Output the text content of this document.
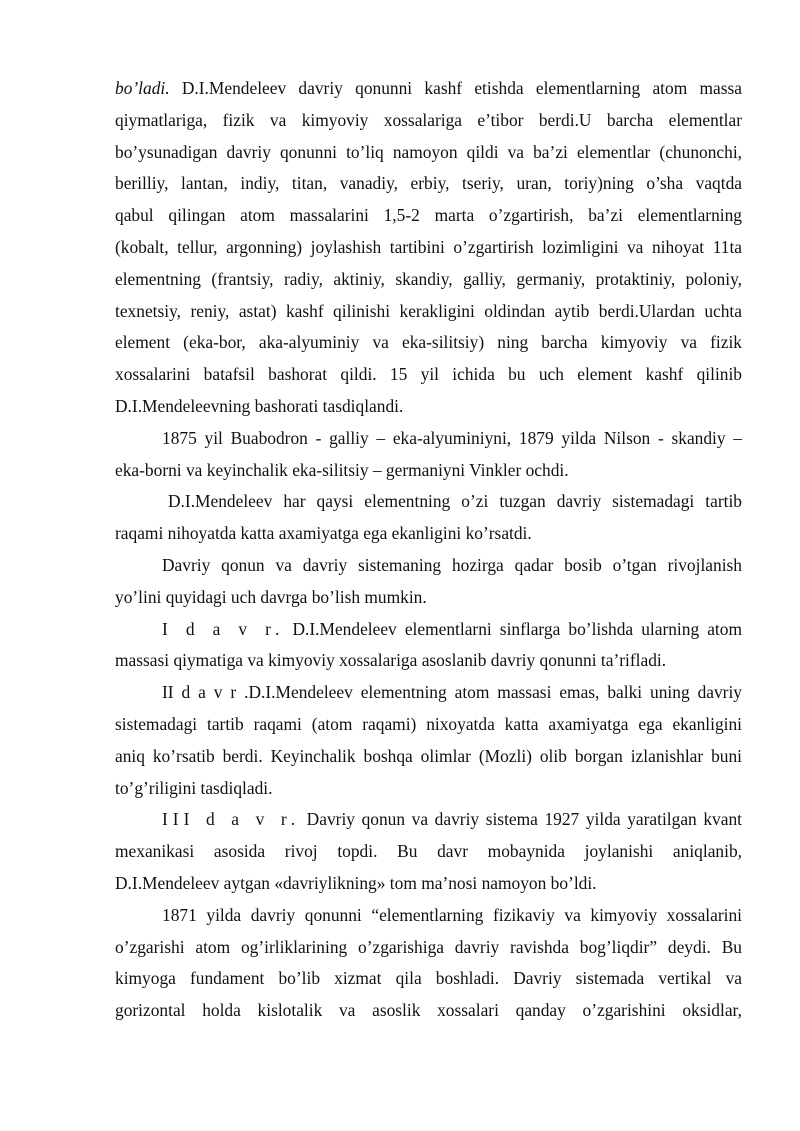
bo’ladi. D.I.Mendeleev davriy qonunni kashf etishda elementlarning atom massa
qiymatlariga, fizik va kimyoviy xossalariga e’tibor berdi.U barcha elementlar
bo’ysunadigan davriy qonunni to’liq namoyon qildi va ba’zi elementlar (chunonchi,
berilliy, lantan, indiy, titan, vanadiy, erbiy, tseriy, uran, toriy)ning o’sha vaqtda
qabul qilingan atom massalarini 1,5-2 marta o’zgartirish, ba’zi elementlarning
(kobalt, tellur, argonning) joylashish tartibini o’zgartirish lozimligini va nihoyat 11ta
elementning (frantsiy, radiy, aktiniy, skandiy, galliy, germaniy, protaktiniy, poloniy,
texnetsiy, reniy, astat) kashf qilinishi kerakligini oldindan aytib berdi.Ulardan uchta
element (eka-bor, aka-alyuminiy va eka-silitsiy) ning barcha kimyoviy va fizik
xossalarini batafsil bashorat qildi. 15 yil ichida bu uch element kashf qilinib
D.I.Mendeleevning bashorati tasdiqlandi.
1875 yil Buabodron - galliy – eka-alyuminiyni, 1879 yilda Nilson - skandiy –
eka-borni va keyinchalik eka-silitsiy – germaniyni Vinkler ochdi.
D.I.Mendeleev har qaysi elementning o’zi tuzgan davriy sistemadagi tartib
raqami nihoyatda katta axamiyatga ega ekanligini ko’rsatdi.
Davriy qonun va davriy sistemaning hozirga qadar bosib o’tgan rivojlanish
yo’lini quyidagi uch davrga bo’lish mumkin.
I d a v r. D.I.Mendeleev elementlarni sinflarga bo’lishda ularning atom
massasi qiymatiga va kimyoviy xossalariga asoslanib davriy qonunni ta’rifladi.
II d a v r .D.I.Mendeleev elementning atom massasi emas, balki uning davriy
sistemadagi tartib raqami (atom raqami) nixoyatda katta axamiyatga ega ekanligini
aniq ko’rsatib berdi. Keyinchalik boshqa olimlar (Mozli) olib borgan izlanishlar buni
to’g’riligini tasdiqladi.
III d a v r. Davriy qonun va davriy sistema 1927 yilda yaratilgan kvant
mexanikasi asosida rivoj topdi. Bu davr mobaynida joylanishi aniqlanib,
D.I.Mendeleev aytgan «davriylikning» tom ma’nosi namoyon bo’ldi.
1871 yilda davriy qonunni “elementlarning fizikaviy va kimyoviy xossalarini
o’zgarishi atom og’irliklarining o’zgarishiga davriy ravishda bog’liqdir” deydi. Bu
kimyoga fundament bo’lib xizmat qila boshladi. Davriy sistemada vertikal va
gorizontal holda kislotalik va asoslik xossalari qanday o’zgarishini oksidlar,
